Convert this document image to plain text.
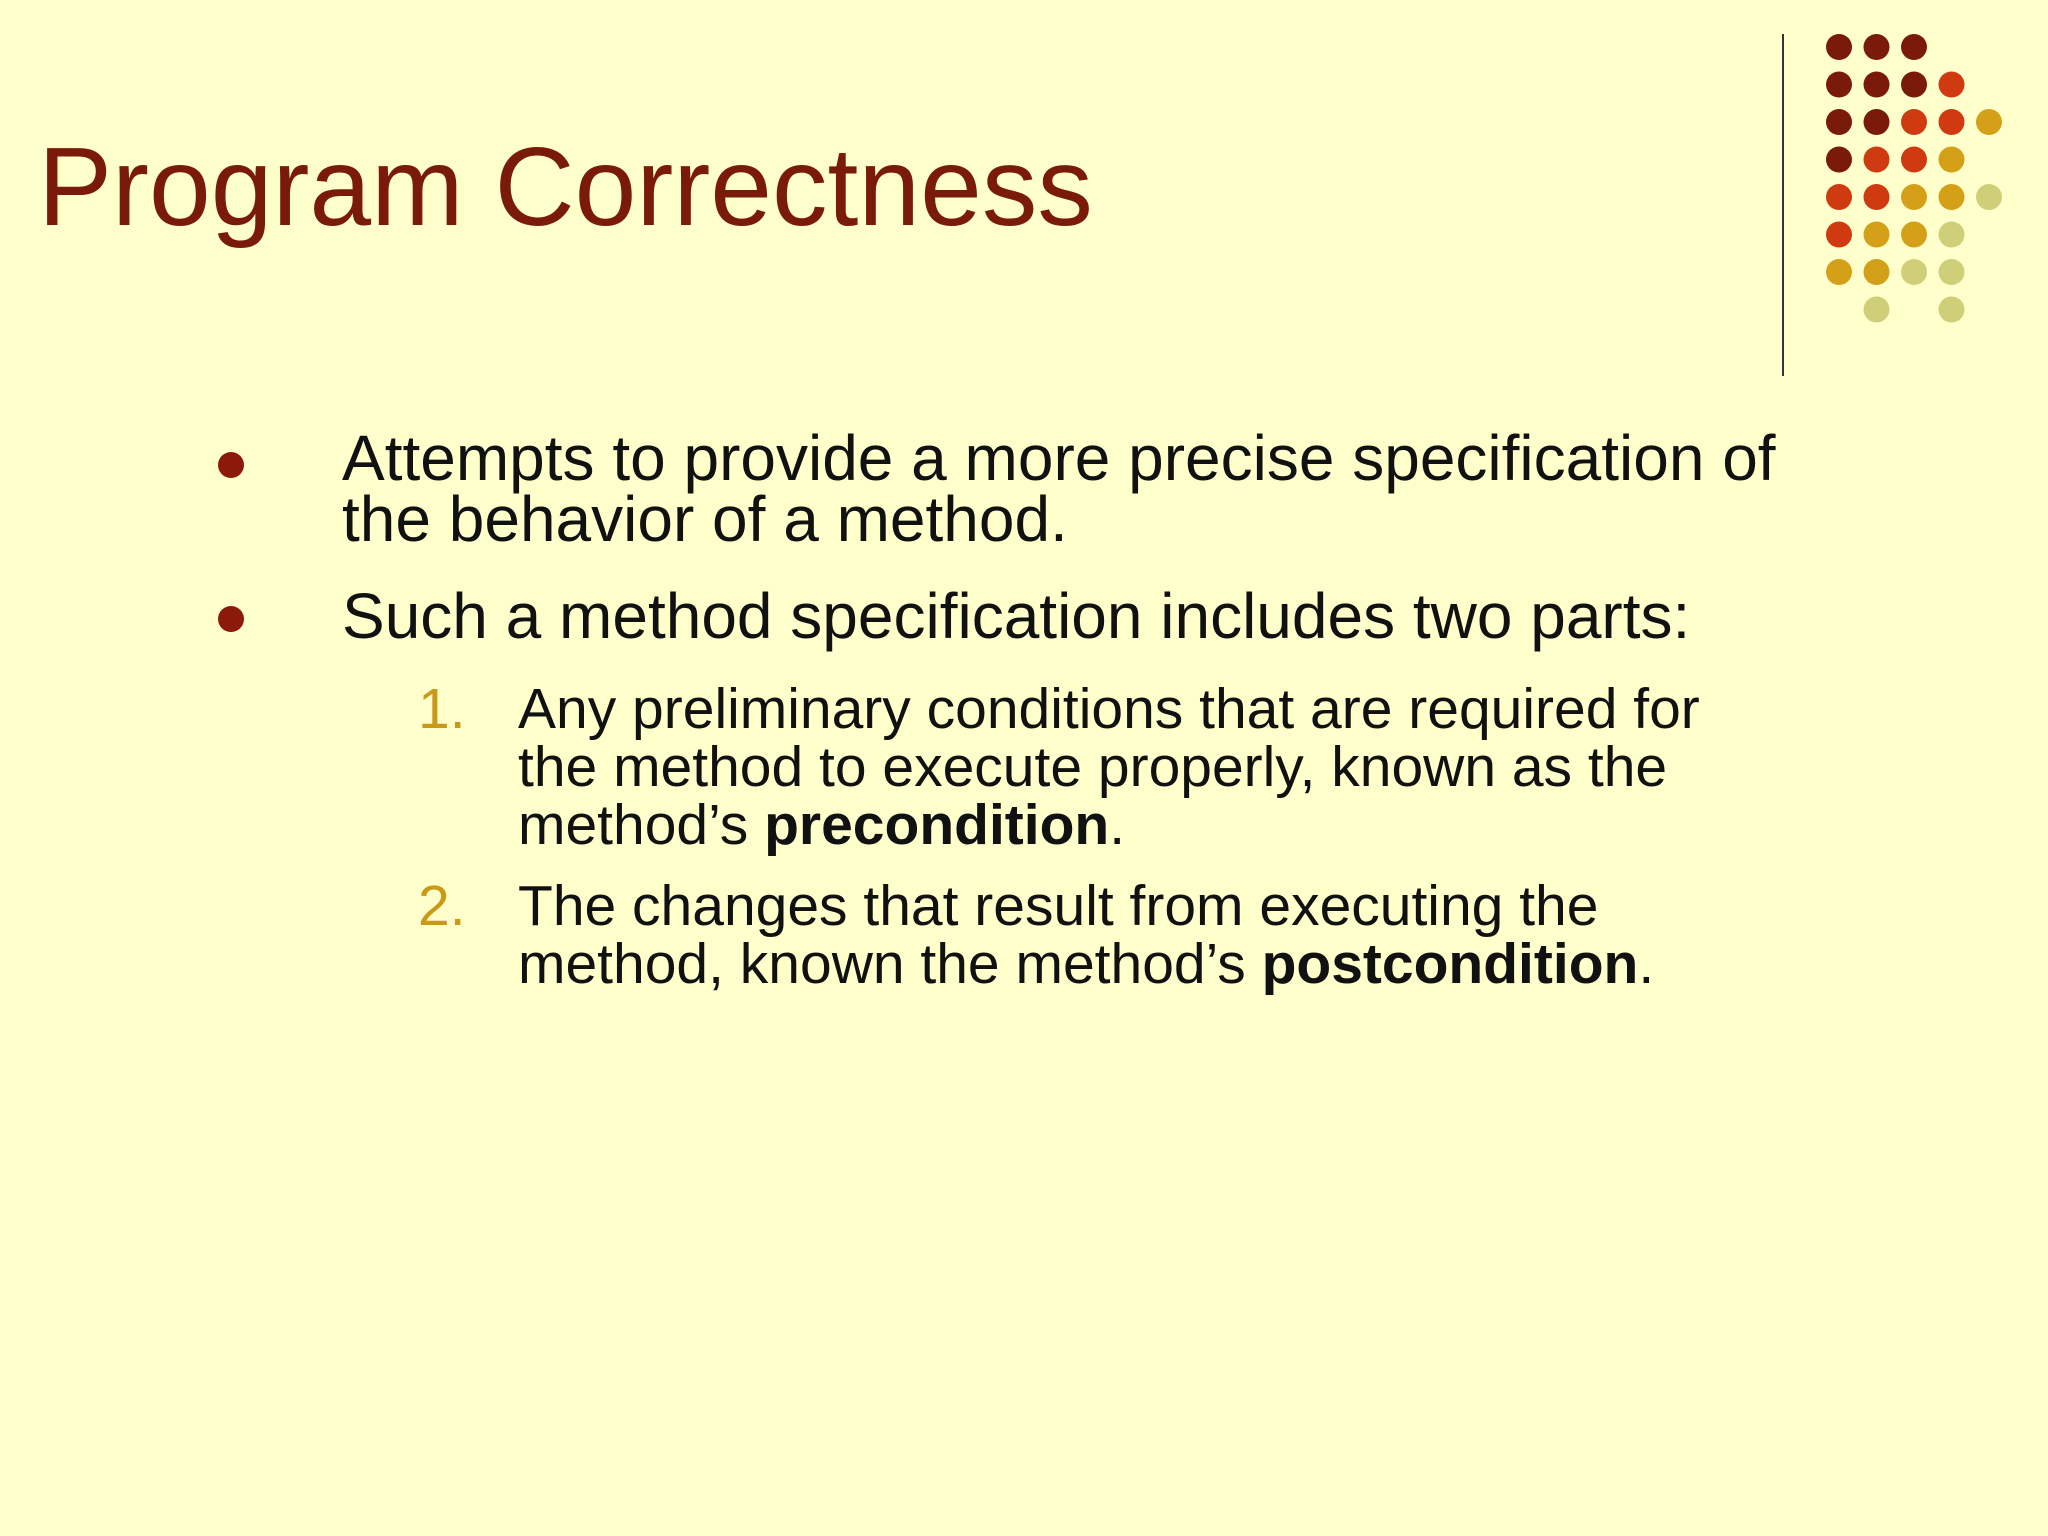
Program Correctness

Attempts to provide a more precise specification of
the behavior of a method.

Such a method specification includes two parts:

1. Any preliminary conditions that are required for
the method to execute properly, known as the
method’s precondition.

2. The changes that result from executing the
method, known the method’s postcondition.
